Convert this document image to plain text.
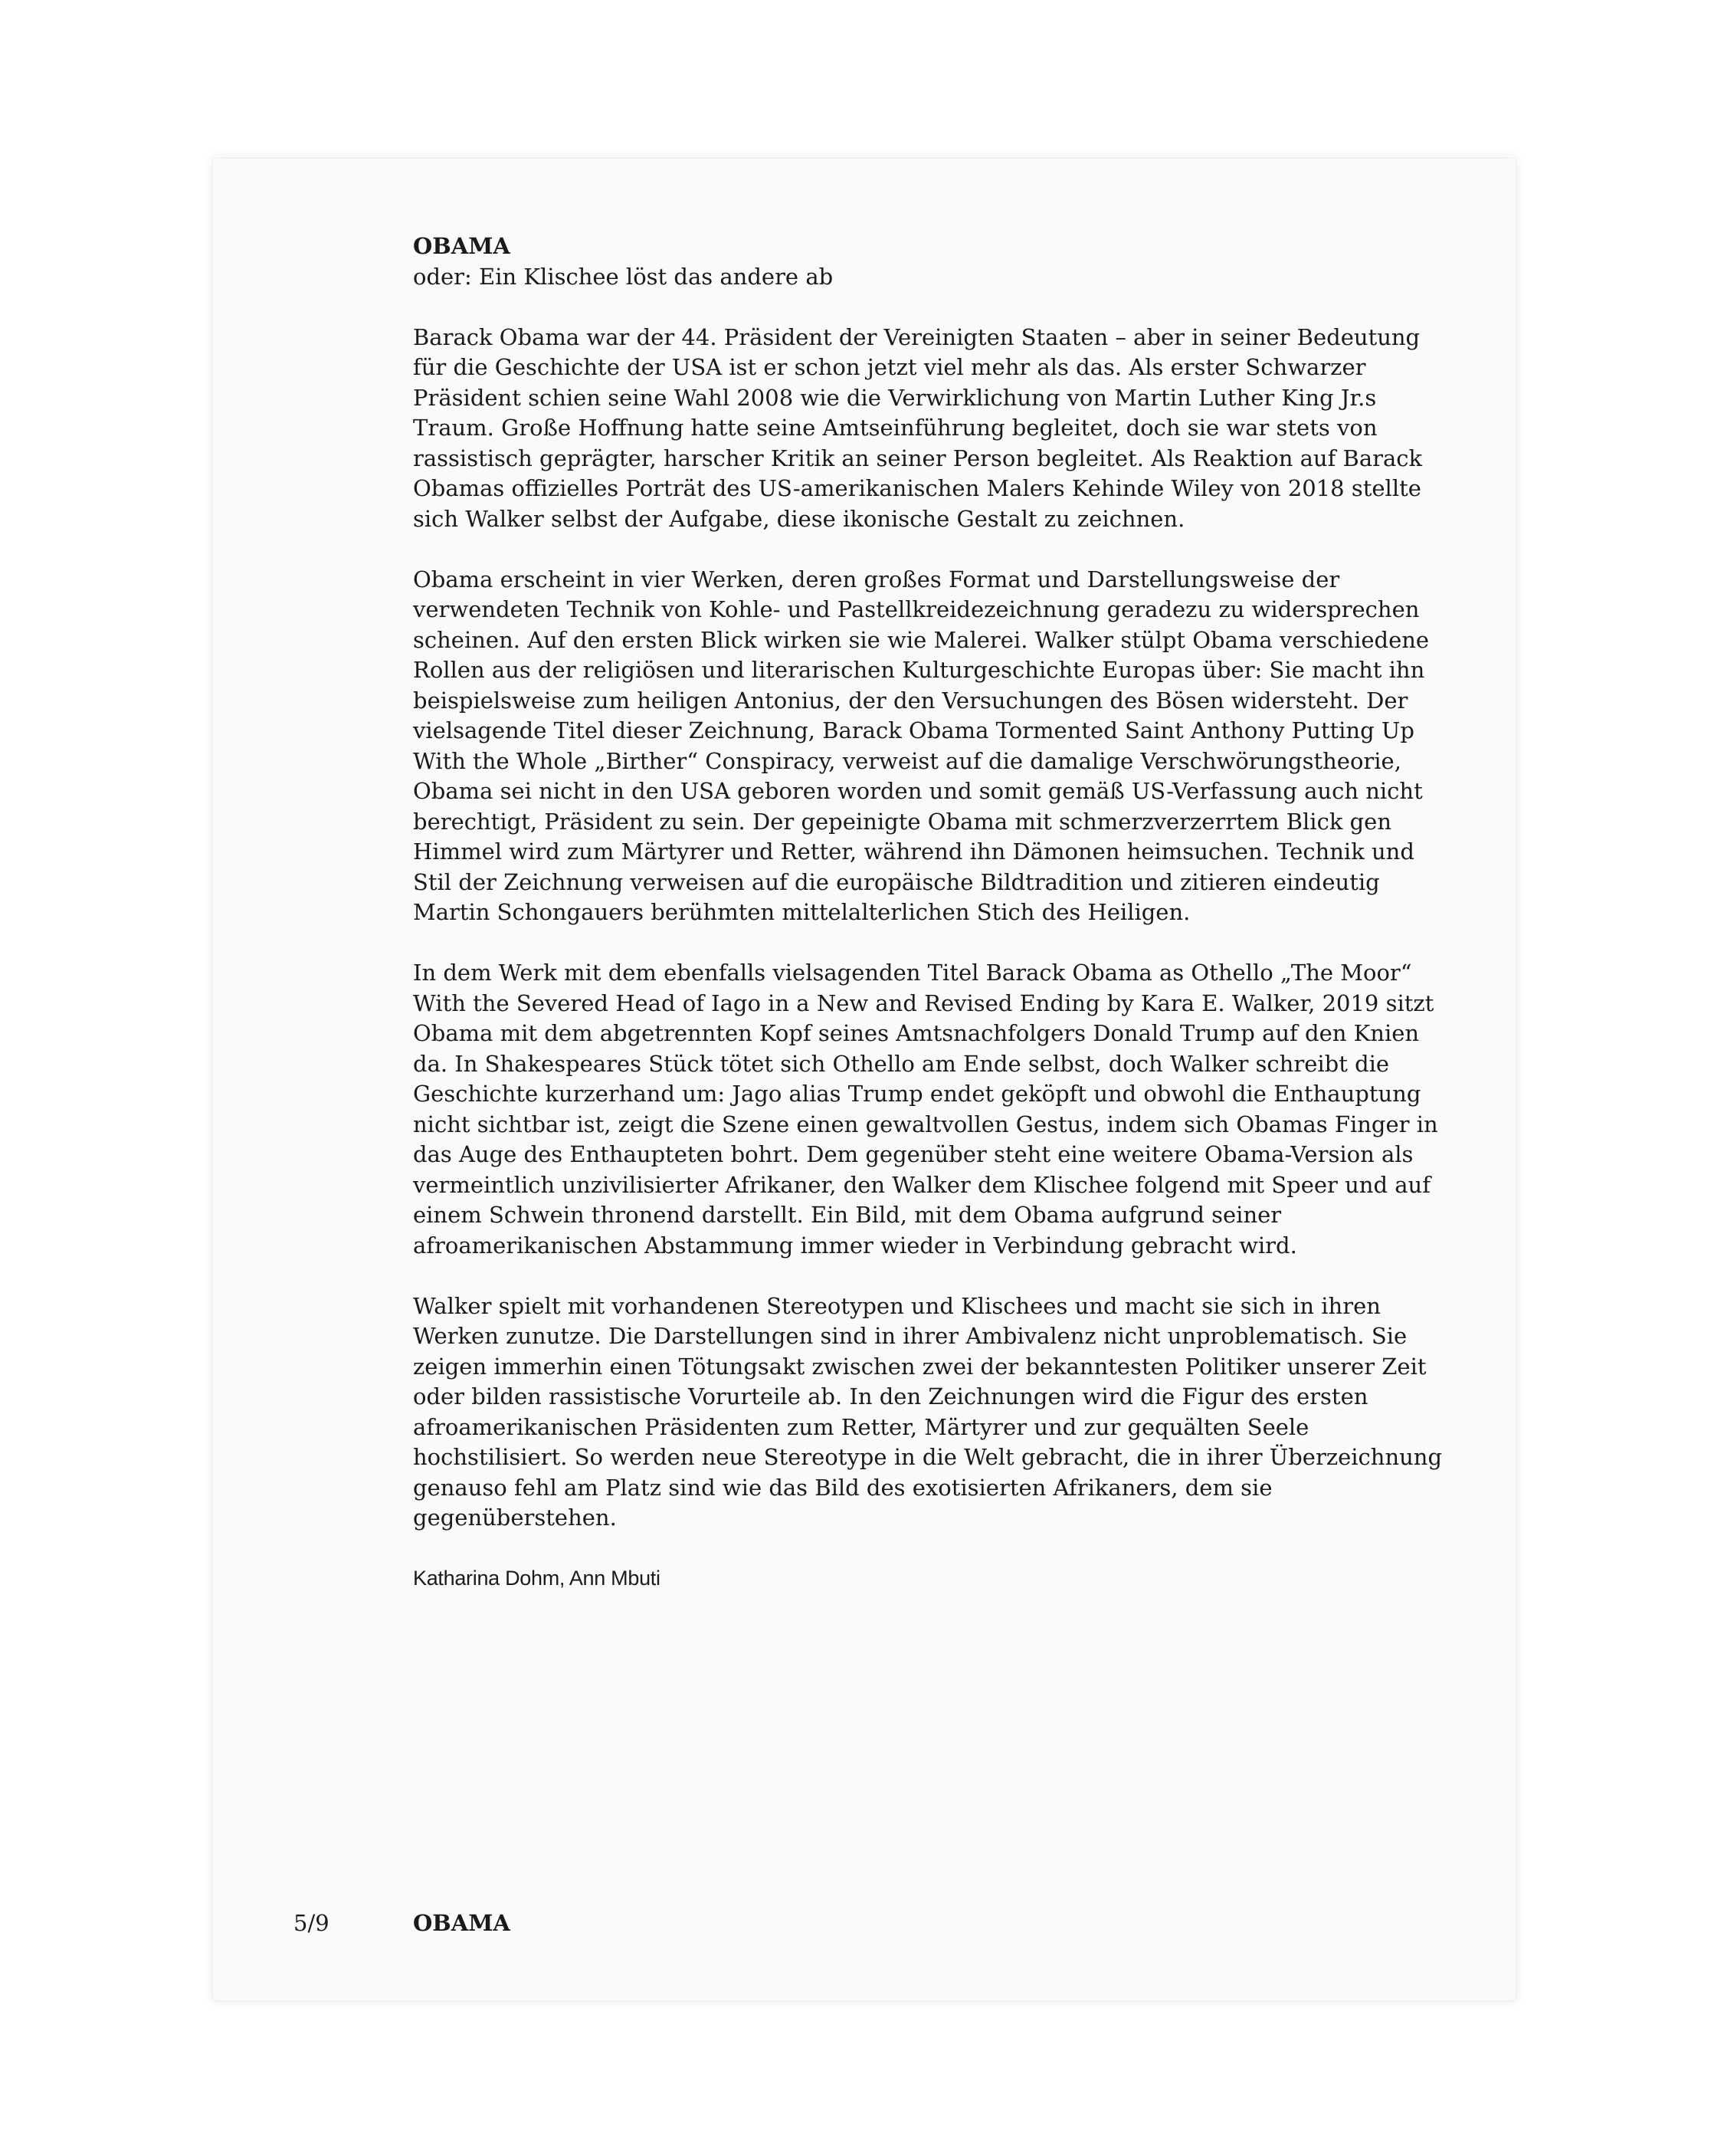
OBAMA

oder: Ein Klischee löst das andere ab

Barack Obama war der 44. Präsident der Vereinigten Staaten – aber in seiner Bedeutung für die Geschichte der USA ist er schon jetzt viel mehr als das. Als erster Schwarzer Präsident schien seine Wahl 2008 wie die Verwirklichung von Martin Luther King Jr.s Traum. Große Hoffnung hatte seine Amtseinführung begleitet, doch sie war stets von rassistisch geprägter, harscher Kritik an seiner Person begleitet. Als Reaktion auf Barack Obamas offizielles Porträt des US-amerikanischen Malers Kehinde Wiley von 2018 stellte sich Walker selbst der Aufgabe, diese ikonische Gestalt zu zeichnen.

Obama erscheint in vier Werken, deren großes Format und Darstellungsweise der verwendeten Technik von Kohle- und Pastellkreidezeichnung geradezu zu widersprechen scheinen. Auf den ersten Blick wirken sie wie Malerei. Walker stülpt Obama verschiedene Rollen aus der religiösen und literarischen Kulturgeschichte Europas über: Sie macht ihn beispielsweise zum heiligen Antonius, der den Versuchungen des Bösen widersteht. Der vielsagende Titel dieser Zeichnung, Barack Obama Tormented Saint Anthony Putting Up With the Whole „Birther“ Conspiracy, verweist auf die damalige Verschwörungstheorie, Obama sei nicht in den USA geboren worden und somit gemäß US-Verfassung auch nicht berechtigt, Präsident zu sein. Der gepeinigte Obama mit schmerzverzerrtem Blick gen Himmel wird zum Märtyrer und Retter, während ihn Dämonen heimsuchen. Technik und Stil der Zeichnung verweisen auf die europäische Bildtradition und zitieren eindeutig Martin Schongauers berühmten mittelalterlichen Stich des Heiligen.

In dem Werk mit dem ebenfalls vielsagenden Titel Barack Obama as Othello „The Moor“ With the Severed Head of Iago in a New and Revised Ending by Kara E. Walker, 2019 sitzt Obama mit dem abgetrennten Kopf seines Amtsnachfolgers Donald Trump auf den Knien da. In Shakespeares Stück tötet sich Othello am Ende selbst, doch Walker schreibt die Geschichte kurzerhand um: Jago alias Trump endet geköpft und obwohl die Enthauptung nicht sichtbar ist, zeigt die Szene einen gewaltvollen Gestus, indem sich Obamas Finger in das Auge des Enthaupteten bohrt. Dem gegenüber steht eine weitere Obama-Version als vermeintlich unzivilisierter Afrikaner, den Walker dem Klischee folgend mit Speer und auf einem Schwein thronend darstellt. Ein Bild, mit dem Obama aufgrund seiner afroamerikanischen Abstammung immer wieder in Verbindung gebracht wird.

Walker spielt mit vorhandenen Stereotypen und Klischees und macht sie sich in ihren Werken zunutze. Die Darstellungen sind in ihrer Ambivalenz nicht unproblematisch. Sie zeigen immerhin einen Tötungsakt zwischen zwei der bekanntesten Politiker unserer Zeit oder bilden rassistische Vorurteile ab. In den Zeichnungen wird die Figur des ersten afroamerikanischen Präsidenten zum Retter, Märtyrer und zur gequälten Seele hochstilisiert. So werden neue Stereotype in die Welt gebracht, die in ihrer Überzeichnung genauso fehl am Platz sind wie das Bild des exotisierten Afrikaners, dem sie gegenüberstehen.

Katharina Dohm, Ann Mbuti

5/9	OBAMA
